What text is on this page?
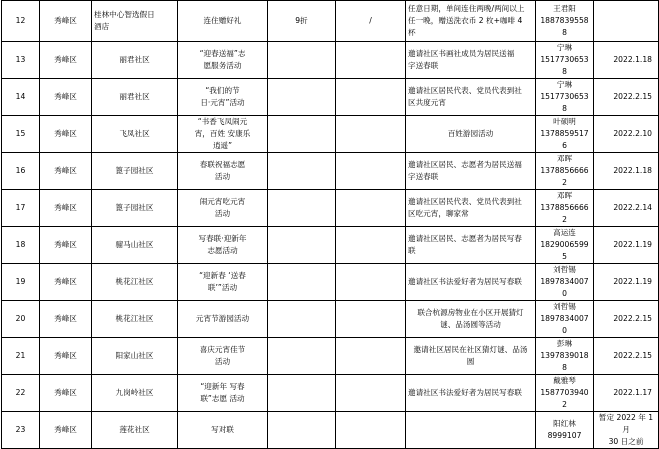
12	秀峰区	桂林中心智选假日
酒店	连住赠好礼	9折	/	任意日期，单间连住两晚/两间以上
任一晚，赠送洗衣币 2 枚+咖啡 4
杯	王君阳
18878395588	

13	秀峰区	丽君社区	“迎春送福”志
愿服务活动			邀请社区书画社成员为居民送福
字送春联	宁琳
15177306538	2022.1.18
14	秀峰区	丽君社区	“我们的节
日·元宵”活动			邀请社区居民代表、党员代表到社
区共度元宵	宁琳
15177306538	2022.2.15
15	秀峰区	飞凤社区	“书香飞凤闹元
宵，百姓 安康乐
逍遥”			百姓游园活动	叶硕明
13788595176	2022.2.10
16	秀峰区	篦子园社区	春联祝福志愿
活动			邀请社区居民、志愿者为居民送福
字送春联	邓晖
13788566662	2022.1.18
17	秀峰区	篦子园社区	闹元宵吃元宵
活动			邀请社区居民代表、党员代表到社
区吃元宵，聊家常	邓晖
13788566662	2022.2.14
18	秀峰区	骝马山社区	写春联·迎新年
志愿活动			邀请社区居民、志愿者为居民写春
联	高运连
18290065995	2022.1.19
19	秀峰区	桃花江社区	“迎新春 ‘送春
联’”活动			邀请社区书法爱好者为居民写春联	刘哲锡
18978340070	2022.1.19
20	秀峰区	桃花江社区	元宵节游园活动			联合杭源房物业在小区开展猜灯
谜、品汤圆等活动	刘哲锡
18978340070	2022.2.15
21	秀峰区	阳家山社区	喜庆元宵佳节
活动			邀请社区居民在社区猜灯谜、品汤
圆	彭琳
13978390188	2022.2.15
22	秀峰区	九岗岭社区	“迎新年 写春
联”志愿 活动			邀请社区书法爱好者为居民写春联	戴雅琴
15877039402	2022.1.17
23	秀峰区	莲花社区	写对联				阳红林
8999107	暂定 2022 年 1 月
30 日之前
